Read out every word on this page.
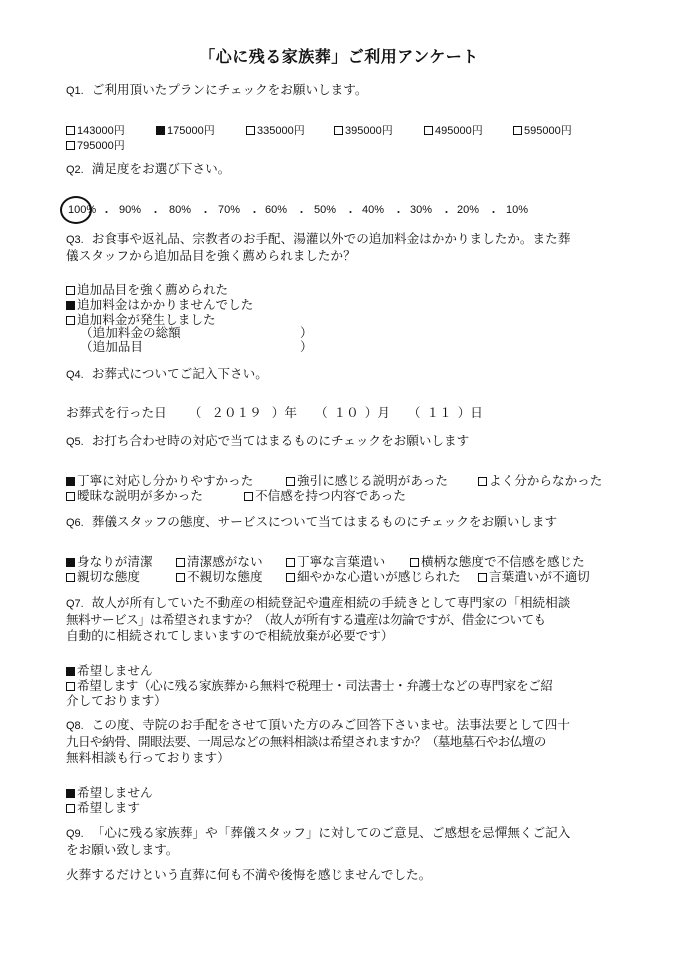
「心に残る家族葬」ご利用アンケート
Q1. ご利用頂いたプランにチェックをお願いします。
143000円	175000円	335000円	395000円	495000円	595000円
795000円
Q2. 満足度をお選び下さい。
100% ・ 90% ・ 80% ・ 70% ・ 60% ・ 50% ・ 40% ・ 30% ・ 20% ・ 10%
Q3. お食事や返礼品、宗教者のお手配、湯灌以外での追加料金はかかりましたか。また葬
儀スタッフから追加品目を強く薦められましたか？
追加品目を強く薦められた
追加料金はかかりませんでした
追加料金が発生しました
（追加料金の総額	）
（追加品目	）
Q4. お葬式についてご記入下さい。
お葬式を行った日 （ ２０１９ ）年 （ １０ ）月 （ １１ ）日
Q5. お打ち合わせ時の対応で当てはまるものにチェックをお願いします
丁寧に対応し分かりやすかった	強引に感じる説明があった	よく分からなかった
曖昧な説明が多かった	不信感を持つ内容であった
Q6. 葬儀スタッフの態度、サービスについて当てはまるものにチェックをお願いします
身なりが清潔	清潔感がない	丁寧な言葉遣い	横柄な態度で不信感を感じた
親切な態度	不親切な態度	細やかな心遣いが感じられた	言葉遣いが不適切
Q7. 故人が所有していた不動産の相続登記や遺産相続の手続きとして専門家の「相続相談
無料サービス」は希望されますか？（故人が所有する遺産は勿論ですが、借金についても
自動的に相続されてしまいますので相続放棄が必要です）
希望しません
希望します（心に残る家族葬から無料で税理士・司法書士・弁護士などの専門家をご紹
介しております）
Q8. この度、寺院のお手配をさせて頂いた方のみご回答下さいませ。法事法要として四十
九日や納骨、開眼法要、一周忌などの無料相談は希望されますか？（墓地墓石やお仏壇の
無料相談も行っております）
希望しません
希望します
Q9. 「心に残る家族葬」や「葬儀スタッフ」に対してのご意見、ご感想を忌憚無くご記入
をお願い致します。
火葬するだけという直葬に何も不満や後悔を感じませんでした。
